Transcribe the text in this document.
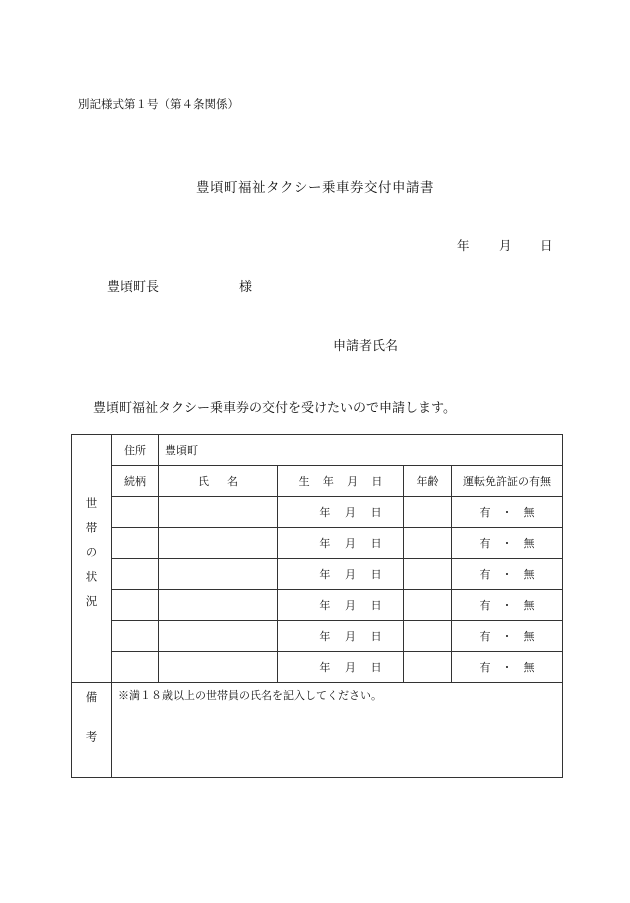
別記様式第１号（第４条関係）
豊頃町福祉タクシー乗車券交付申請書
年 月 日
豊頃町長	様
申請者氏名
豊頃町福祉タクシー乗車券の交付を受けたいので申請します。
世帯の状況	住所	豊頃町			
	続柄	氏 名	生 年 月 日	年齢	運転免許証の有無

			年 月 日		有 ・ 無

			年 月 日		有 ・ 無

			年 月 日		有 ・ 無

			年 月 日		有 ・ 無

			年 月 日		有 ・ 無

			年 月 日		有 ・ 無

備考	※満１８歳以上の世帯員の氏名を記入してください。				
